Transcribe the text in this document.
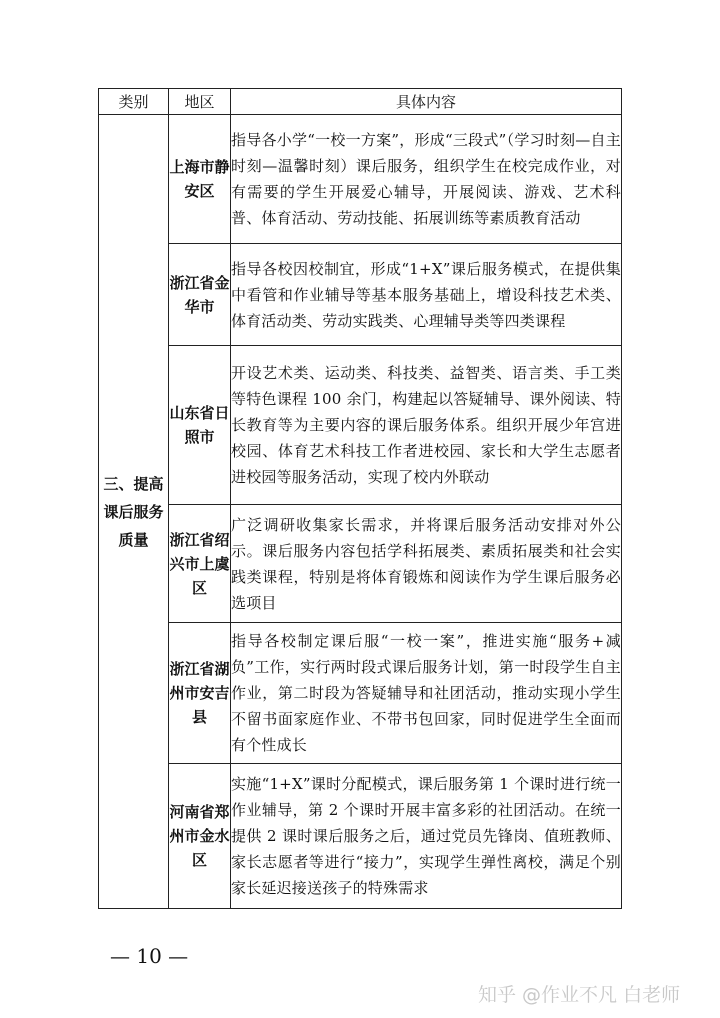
类别	地区	具体内容
三、提高课后服务质量	上海市静安区	指导各小学“一校一方案”，形成“三段式”（学习时刻—自主时刻—温馨时刻）课后服务，组织学生在校完成作业，对有需要的学生开展爱心辅导，开展阅读、游戏、艺术科普、体育活动、劳动技能、拓展训练等素质教育活动
	浙江省金华市	指导各校因校制宜，形成“1+X”课后服务模式，在提供集中看管和作业辅导等基本服务基础上，增设科技艺术类、体育活动类、劳动实践类、心理辅导类等四类课程
	山东省日照市	开设艺术类、运动类、科技类、益智类、语言类、手工类等特色课程 100 余门，构建起以答疑辅导、课外阅读、特长教育等为主要内容的课后服务体系。组织开展少年宫进校园、体育艺术科技工作者进校园、家长和大学生志愿者进校园等服务活动，实现了校内外联动
	浙江省绍兴市上虞区	广泛调研收集家长需求，并将课后服务活动安排对外公示。课后服务内容包括学科拓展类、素质拓展类和社会实践类课程，特别是将体育锻炼和阅读作为学生课后服务必选项目
	浙江省湖州市安吉县	指导各校制定课后服“一校一案”，推进实施“服务+减负”工作，实行两时段式课后服务计划，第一时段学生自主作业，第二时段为答疑辅导和社团活动，推动实现小学生不留书面家庭作业、不带书包回家，同时促进学生全面而有个性成长
	河南省郑州市金水区	实施“1+X”课时分配模式，课后服务第 1 个课时进行统一作业辅导，第 2 个课时开展丰富多彩的社团活动。在统一提供 2 课时课后服务之后，通过党员先锋岗、值班教师、家长志愿者等进行“接力”，实现学生弹性离校，满足个别家长延迟接送孩子的特殊需求
— 10 —
知乎 @作业不凡 白老师
